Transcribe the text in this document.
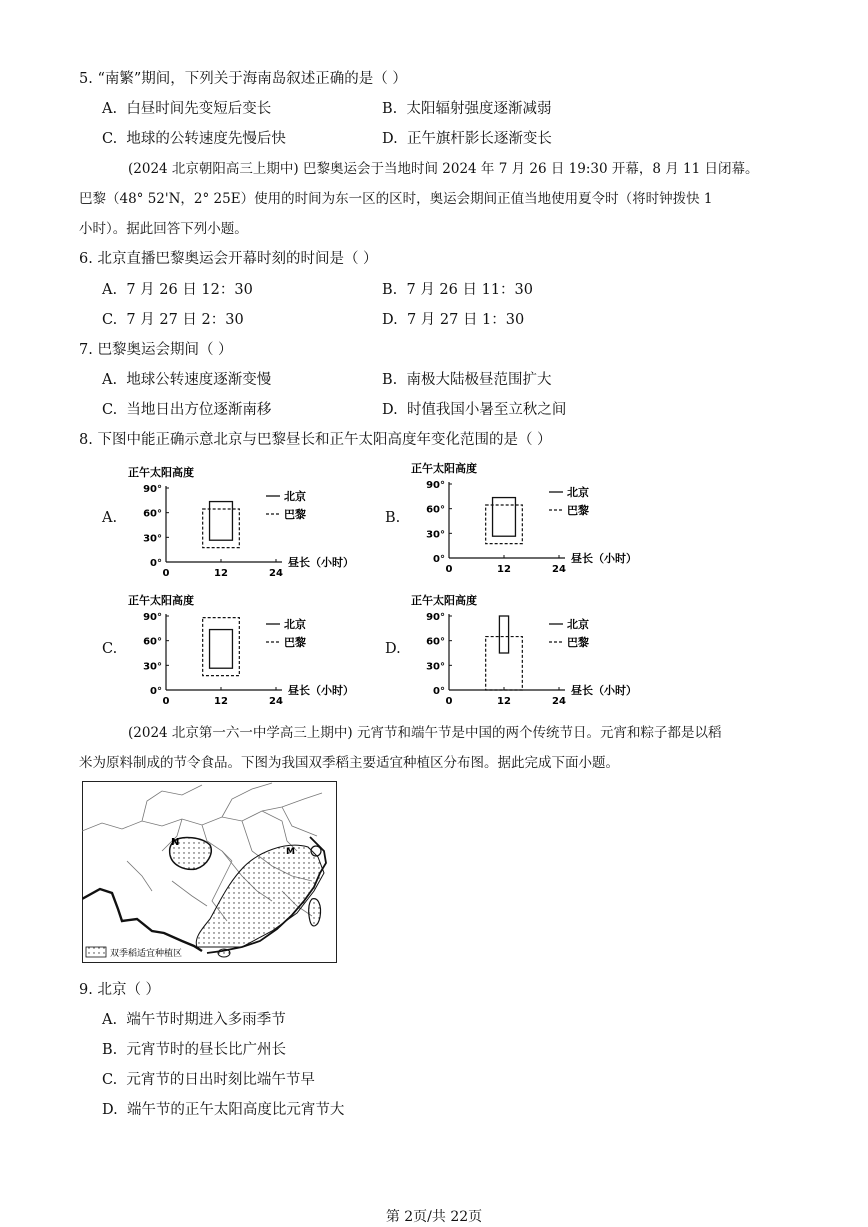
5. “南繁”期间，下列关于海南岛叙述正确的是（ ）
A. 白昼时间先变短后变长	B. 太阳辐射强度逐渐减弱
C. 地球的公转速度先慢后快	D. 正午旗杆影长逐渐变长
(2024 北京朝阳高三上期中) 巴黎奥运会于当地时间 2024 年 7 月 26 日 19:30 开幕，8 月 11 日闭幕。
巴黎（48° 52'N，2° 25E）使用的时间为东一区的区时，奥运会期间正值当地使用夏令时（将时钟拨快 1
小时）。据此回答下列小题。
6. 北京直播巴黎奥运会开幕时刻的时间是（ ）
A. 7 月 26 日 12：30	B. 7 月 26 日 11：30
C. 7 月 27 日 2：30	D. 7 月 27 日 1：30
7. 巴黎奥运会期间（ ）
A. 地球公转速度逐渐变慢	B. 南极大陆极昼范围扩大
C. 当地日出方位逐渐南移	D. 时值我国小暑至立秋之间
8. 下图中能正确示意北京与巴黎昼长和正午太阳高度年变化范围的是（ ）
A.	B.
C.	D.
正午太阳高度
90°
60°
30°
0°
0	12	24
昼长（小时）
北京
巴黎
正午太阳高度
90°
60°
30°
0°
0	12	24
昼长（小时）
北京
巴黎
正午太阳高度
90°
60°
30°
0°
0	12	24
昼长（小时）
北京
巴黎
正午太阳高度
90°
60°
30°
0°
0	12	24
昼长（小时）
北京
巴黎
(2024 北京第一六一中学高三上期中) 元宵节和端午节是中国的两个传统节日。元宵和粽子都是以稻
米为原料制成的节令食品。下图为我国双季稻主要适宜种植区分布图。据此完成下面小题。
N
M
双季稻适宜种植区
9. 北京（ ）
A. 端午节时期进入多雨季节
B. 元宵节时的昼长比广州长
C. 元宵节的日出时刻比端午节早
D. 端午节的正午太阳高度比元宵节大
第 2页/共 22页
